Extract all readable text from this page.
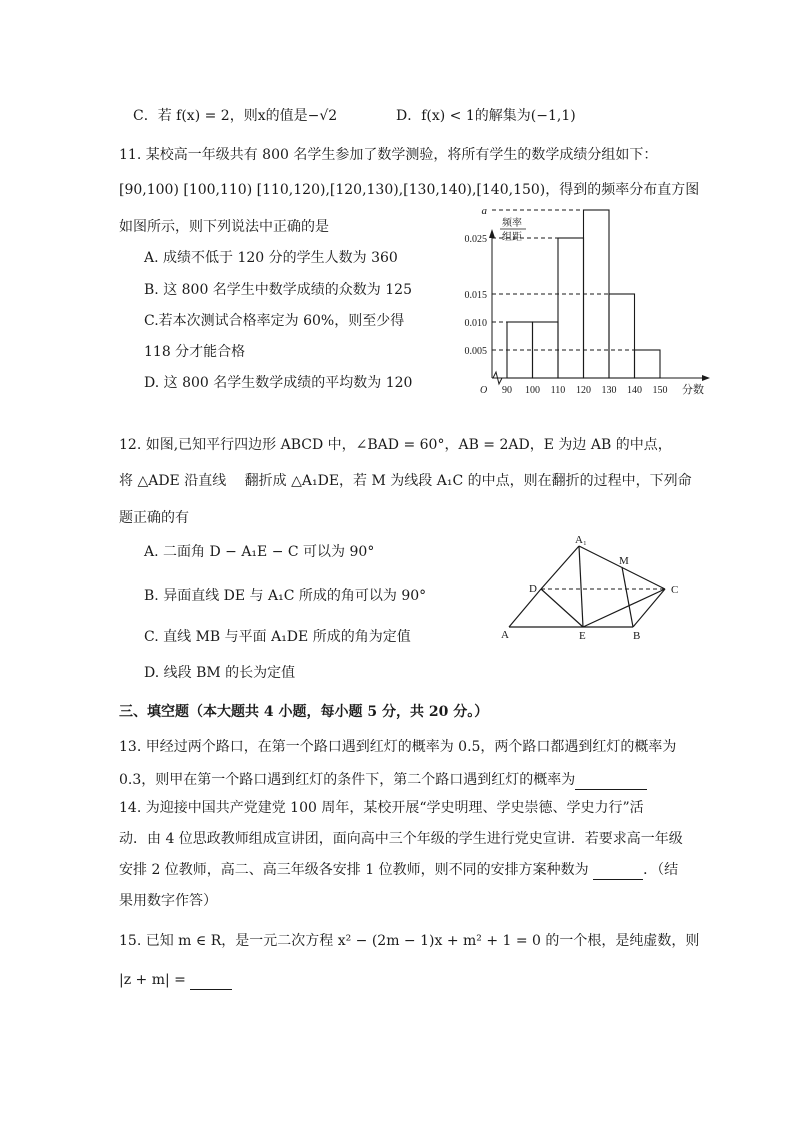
C．若 f(x) = 2，则x的值是−√2	D．f(x) < 1的解集为(−1,1)
11. 某校高一年级共有 800 名学生参加了数学测验，将所有学生的数学成绩分组如下：
[90,100) [100,110) [110,120),[120,130),[130,140),[140,150)，得到的频率分布直方图
如图所示，则下列说法中正确的是
A. 成绩不低于 120 分的学生人数为 360
B. 这 800 名学生中数学成绩的众数为 125
C.若本次测试合格率定为 60%，则至少得
118 分才能合格
D. 这 800 名学生数学成绩的平均数为 120
a
0.025
0.015
0.010
0.005
90 100 110 120 130 140 150
O	分数
频率
组距
12. 如图,已知平行四边形 ABCD 中，∠BAD = 60°，AB = 2AD，E 为边 AB 的中点，
将 △ADE 沿直线 　翻折成 △A₁DE，若 M 为线段 A₁C 的中点，则在翻折的过程中，下列命
题正确的有
A. 二面角 D − A₁E − C 可以为 90°
B. 异面直线 DE 与 A₁C 所成的角可以为 90°
C. 直线 MB 与平面 A₁DE 所成的角为定值
D. 线段 BM 的长为定值
A₁
M
D	C
A	E	B
三、填空题（本大题共 4 小题，每小题 5 分，共 20 分。）
13. 甲经过两个路口，在第一个路口遇到红灯的概率为 0.5，两个路口都遇到红灯的概率为
0.3，则甲在第一个路口遇到红灯的条件下，第二个路口遇到红灯的概率为
14. 为迎接中国共产党建党 100 周年，某校开展“学史明理、学史崇德、学史力行”活
动．由 4 位思政教师组成宣讲团，面向高中三个年级的学生进行党史宣讲．若要求高一年级
安排 2 位教师，高二、高三年级各安排 1 位教师，则不同的安排方案种数为	．（结
果用数字作答）
15. 已知 m ∈ R，是一元二次方程 x² − (2m − 1)x + m² + 1 = 0 的一个根，是纯虚数，则
|z + m| =
